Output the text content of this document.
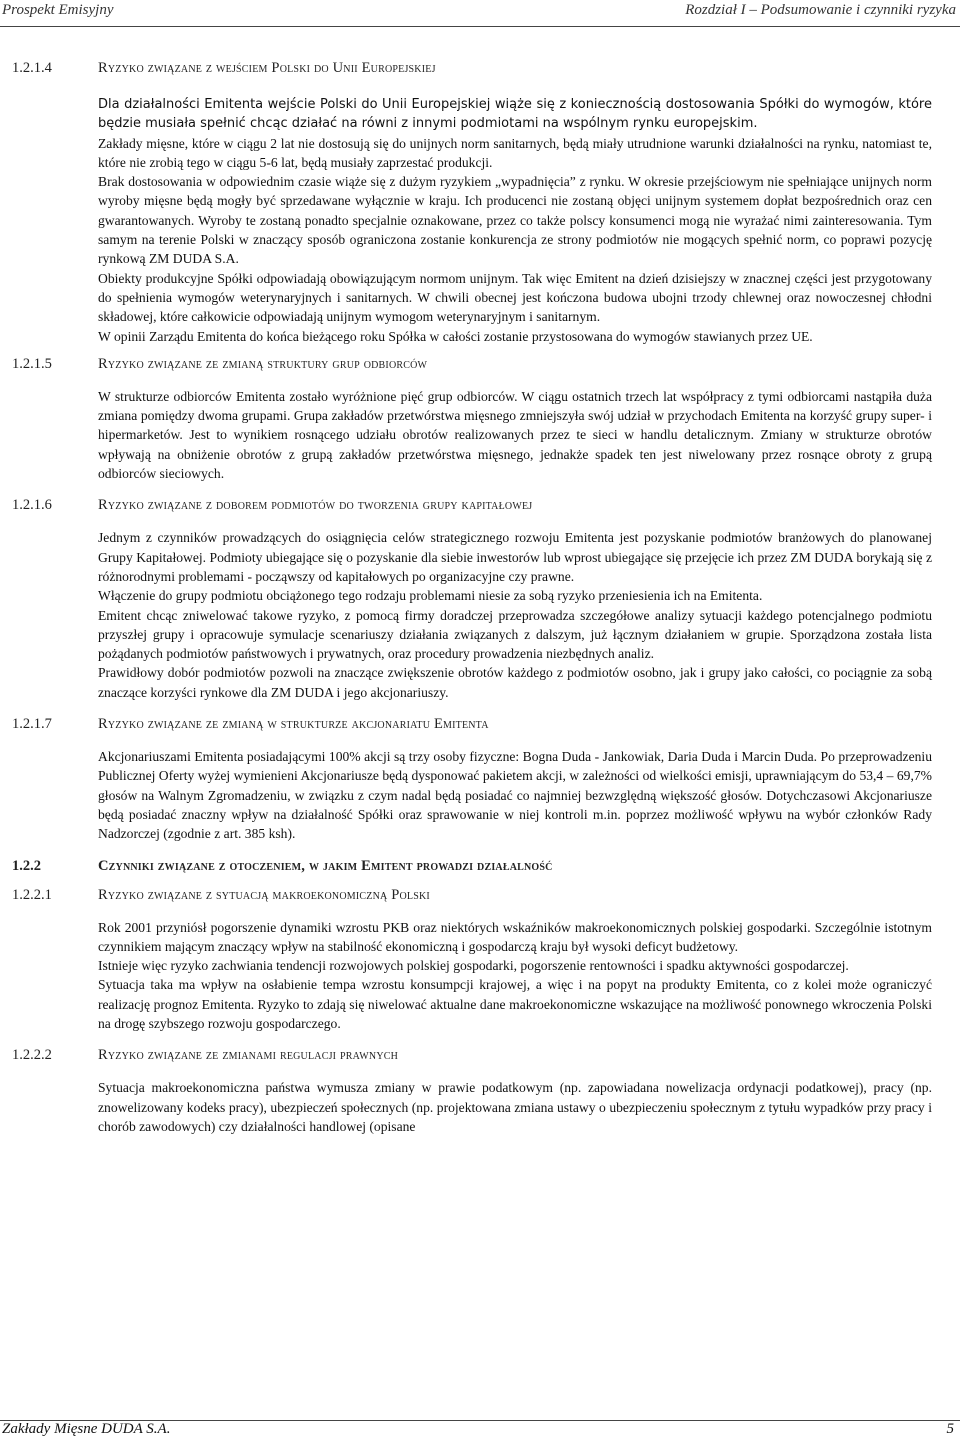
Prospekt Emisyjny	Rozdział I – Podsumowanie i czynniki ryzyka
1.2.1.4	Ryzyko związane z wejściem Polski do Unii Europejskiej

Dla działalności Emitenta wejście Polski do Unii Europejskiej wiąże się z koniecznością dostosowania Spółki do wymogów, które będzie musiała spełnić chcąc działać na równi z innymi podmiotami na wspólnym rynku europejskim.

Zakłady mięsne, które w ciągu 2 lat nie dostosują się do unijnych norm sanitarnych, będą miały utrudnione warunki działalności na rynku, natomiast te, które nie zrobią tego w ciągu 5-6 lat, będą musiały zaprzestać produkcji.

Brak dostosowania w odpowiednim czasie wiąże się z dużym ryzykiem „wypadnięcia” z rynku. W okresie przejściowym nie spełniające unijnych norm wyroby mięsne będą mogły być sprzedawane wyłącznie w kraju. Ich producenci nie zostaną objęci unijnym systemem dopłat bezpośrednich oraz cen gwarantowanych. Wyroby te zostaną ponadto specjalnie oznakowane, przez co także polscy konsumenci mogą nie wyrażać nimi zainteresowania. Tym samym na terenie Polski w znaczący sposób ograniczona zostanie konkurencja ze strony podmiotów nie mogących spełnić norm, co poprawi pozycję rynkową ZM DUDA S.A.

Obiekty produkcyjne Spółki odpowiadają obowiązującym normom unijnym. Tak więc Emitent na dzień dzisiejszy w znacznej części jest przygotowany do spełnienia wymogów weterynaryjnych i sanitarnych. W chwili obecnej jest kończona budowa ubojni trzody chlewnej oraz nowoczesnej chłodni składowej, które całkowicie odpowiadają unijnym wymogom weterynaryjnym i sanitarnym.

W opinii Zarządu Emitenta do końca bieżącego roku Spółka w całości zostanie przystosowana do wymogów stawianych przez UE.

1.2.1.5	Ryzyko związane ze zmianą struktury grup odbiorców

W strukturze odbiorców Emitenta zostało wyróżnione pięć grup odbiorców. W ciągu ostatnich trzech lat współpracy z tymi odbiorcami nastąpiła duża zmiana pomiędzy dwoma grupami. Grupa zakładów przetwórstwa mięsnego zmniejszyła swój udział w przychodach Emitenta na korzyść grupy super- i hipermarketów. Jest to wynikiem rosnącego udziału obrotów realizowanych przez te sieci w handlu detalicznym. Zmiany w strukturze obrotów wpływają na obniżenie obrotów z grupą zakładów przetwórstwa mięsnego, jednakże spadek ten jest niwelowany przez rosnące obroty z grupą odbiorców sieciowych.

1.2.1.6	Ryzyko związane z doborem podmiotów do tworzenia grupy kapitałowej

Jednym z czynników prowadzących do osiągnięcia celów strategicznego rozwoju Emitenta jest pozyskanie podmiotów branżowych do planowanej Grupy Kapitałowej. Podmioty ubiegające się o pozyskanie dla siebie inwestorów lub wprost ubiegające się przejęcie ich przez ZM DUDA borykają się z różnorodnymi problemami - począwszy od kapitałowych po organizacyjne czy prawne.

Włączenie do grupy podmiotu obciążonego tego rodzaju problemami niesie za sobą ryzyko przeniesienia ich na Emitenta.

Emitent chcąc zniwelować takowe ryzyko, z pomocą firmy doradczej przeprowadza szczegółowe analizy sytuacji każdego potencjalnego podmiotu przyszłej grupy i opracowuje symulacje scenariuszy działania związanych z dalszym, już łącznym działaniem w grupie. Sporządzona została lista pożądanych podmiotów państwowych i prywatnych, oraz procedury prowadzenia niezbędnych analiz.

Prawidłowy dobór podmiotów pozwoli na znaczące zwiększenie obrotów każdego z podmiotów osobno, jak i grupy jako całości, co pociągnie za sobą znaczące korzyści rynkowe dla ZM DUDA i jego akcjonariuszy.

1.2.1.7	Ryzyko związane ze zmianą w strukturze akcjonariatu Emitenta

Akcjonariuszami Emitenta posiadającymi 100% akcji są trzy osoby fizyczne: Bogna Duda - Jankowiak, Daria Duda i Marcin Duda. Po przeprowadzeniu Publicznej Oferty wyżej wymienieni Akcjonariusze będą dysponować pakietem akcji, w zależności od wielkości emisji, uprawniającym do 53,4 – 69,7% głosów na Walnym Zgromadzeniu, w związku z czym nadal będą posiadać co najmniej bezwzględną większość głosów. Dotychczasowi Akcjonariusze będą posiadać znaczny wpływ na działalność Spółki oraz sprawowanie w niej kontroli m.in. poprzez możliwość wpływu na wybór członków Rady Nadzorczej (zgodnie z art. 385 ksh).

1.2.2	Czynniki związane z otoczeniem, w jakim Emitent prowadzi działalność
1.2.2.1	Ryzyko związane z sytuacją makroekonomiczną Polski

Rok 2001 przyniósł pogorszenie dynamiki wzrostu PKB oraz niektórych wskaźników makroekonomicznych polskiej gospodarki. Szczególnie istotnym czynnikiem mającym znaczący wpływ na stabilność ekonomiczną i gospodarczą kraju był wysoki deficyt budżetowy.

Istnieje więc ryzyko zachwiania tendencji rozwojowych polskiej gospodarki, pogorszenie rentowności i spadku aktywności gospodarczej.

Sytuacja taka ma wpływ na osłabienie tempa wzrostu konsumpcji krajowej, a więc i na popyt na produkty Emitenta, co z kolei może ograniczyć realizację prognoz Emitenta. Ryzyko to zdają się niwelować aktualne dane makroekonomiczne wskazujące na możliwość ponownego wkroczenia Polski na drogę szybszego rozwoju gospodarczego.

1.2.2.2	Ryzyko związane ze zmianami regulacji prawnych

Sytuacja makroekonomiczna państwa wymusza zmiany w prawie podatkowym (np. zapowiadana nowelizacja ordynacji podatkowej), pracy (np. znowelizowany kodeks pracy), ubezpieczeń społecznych (np. projektowana zmiana ustawy o ubezpieczeniu społecznym z tytułu wypadków przy pracy i chorób zawodowych) czy działalności handlowej (opisane

Zakłady Mięsne DUDA S.A.	5
